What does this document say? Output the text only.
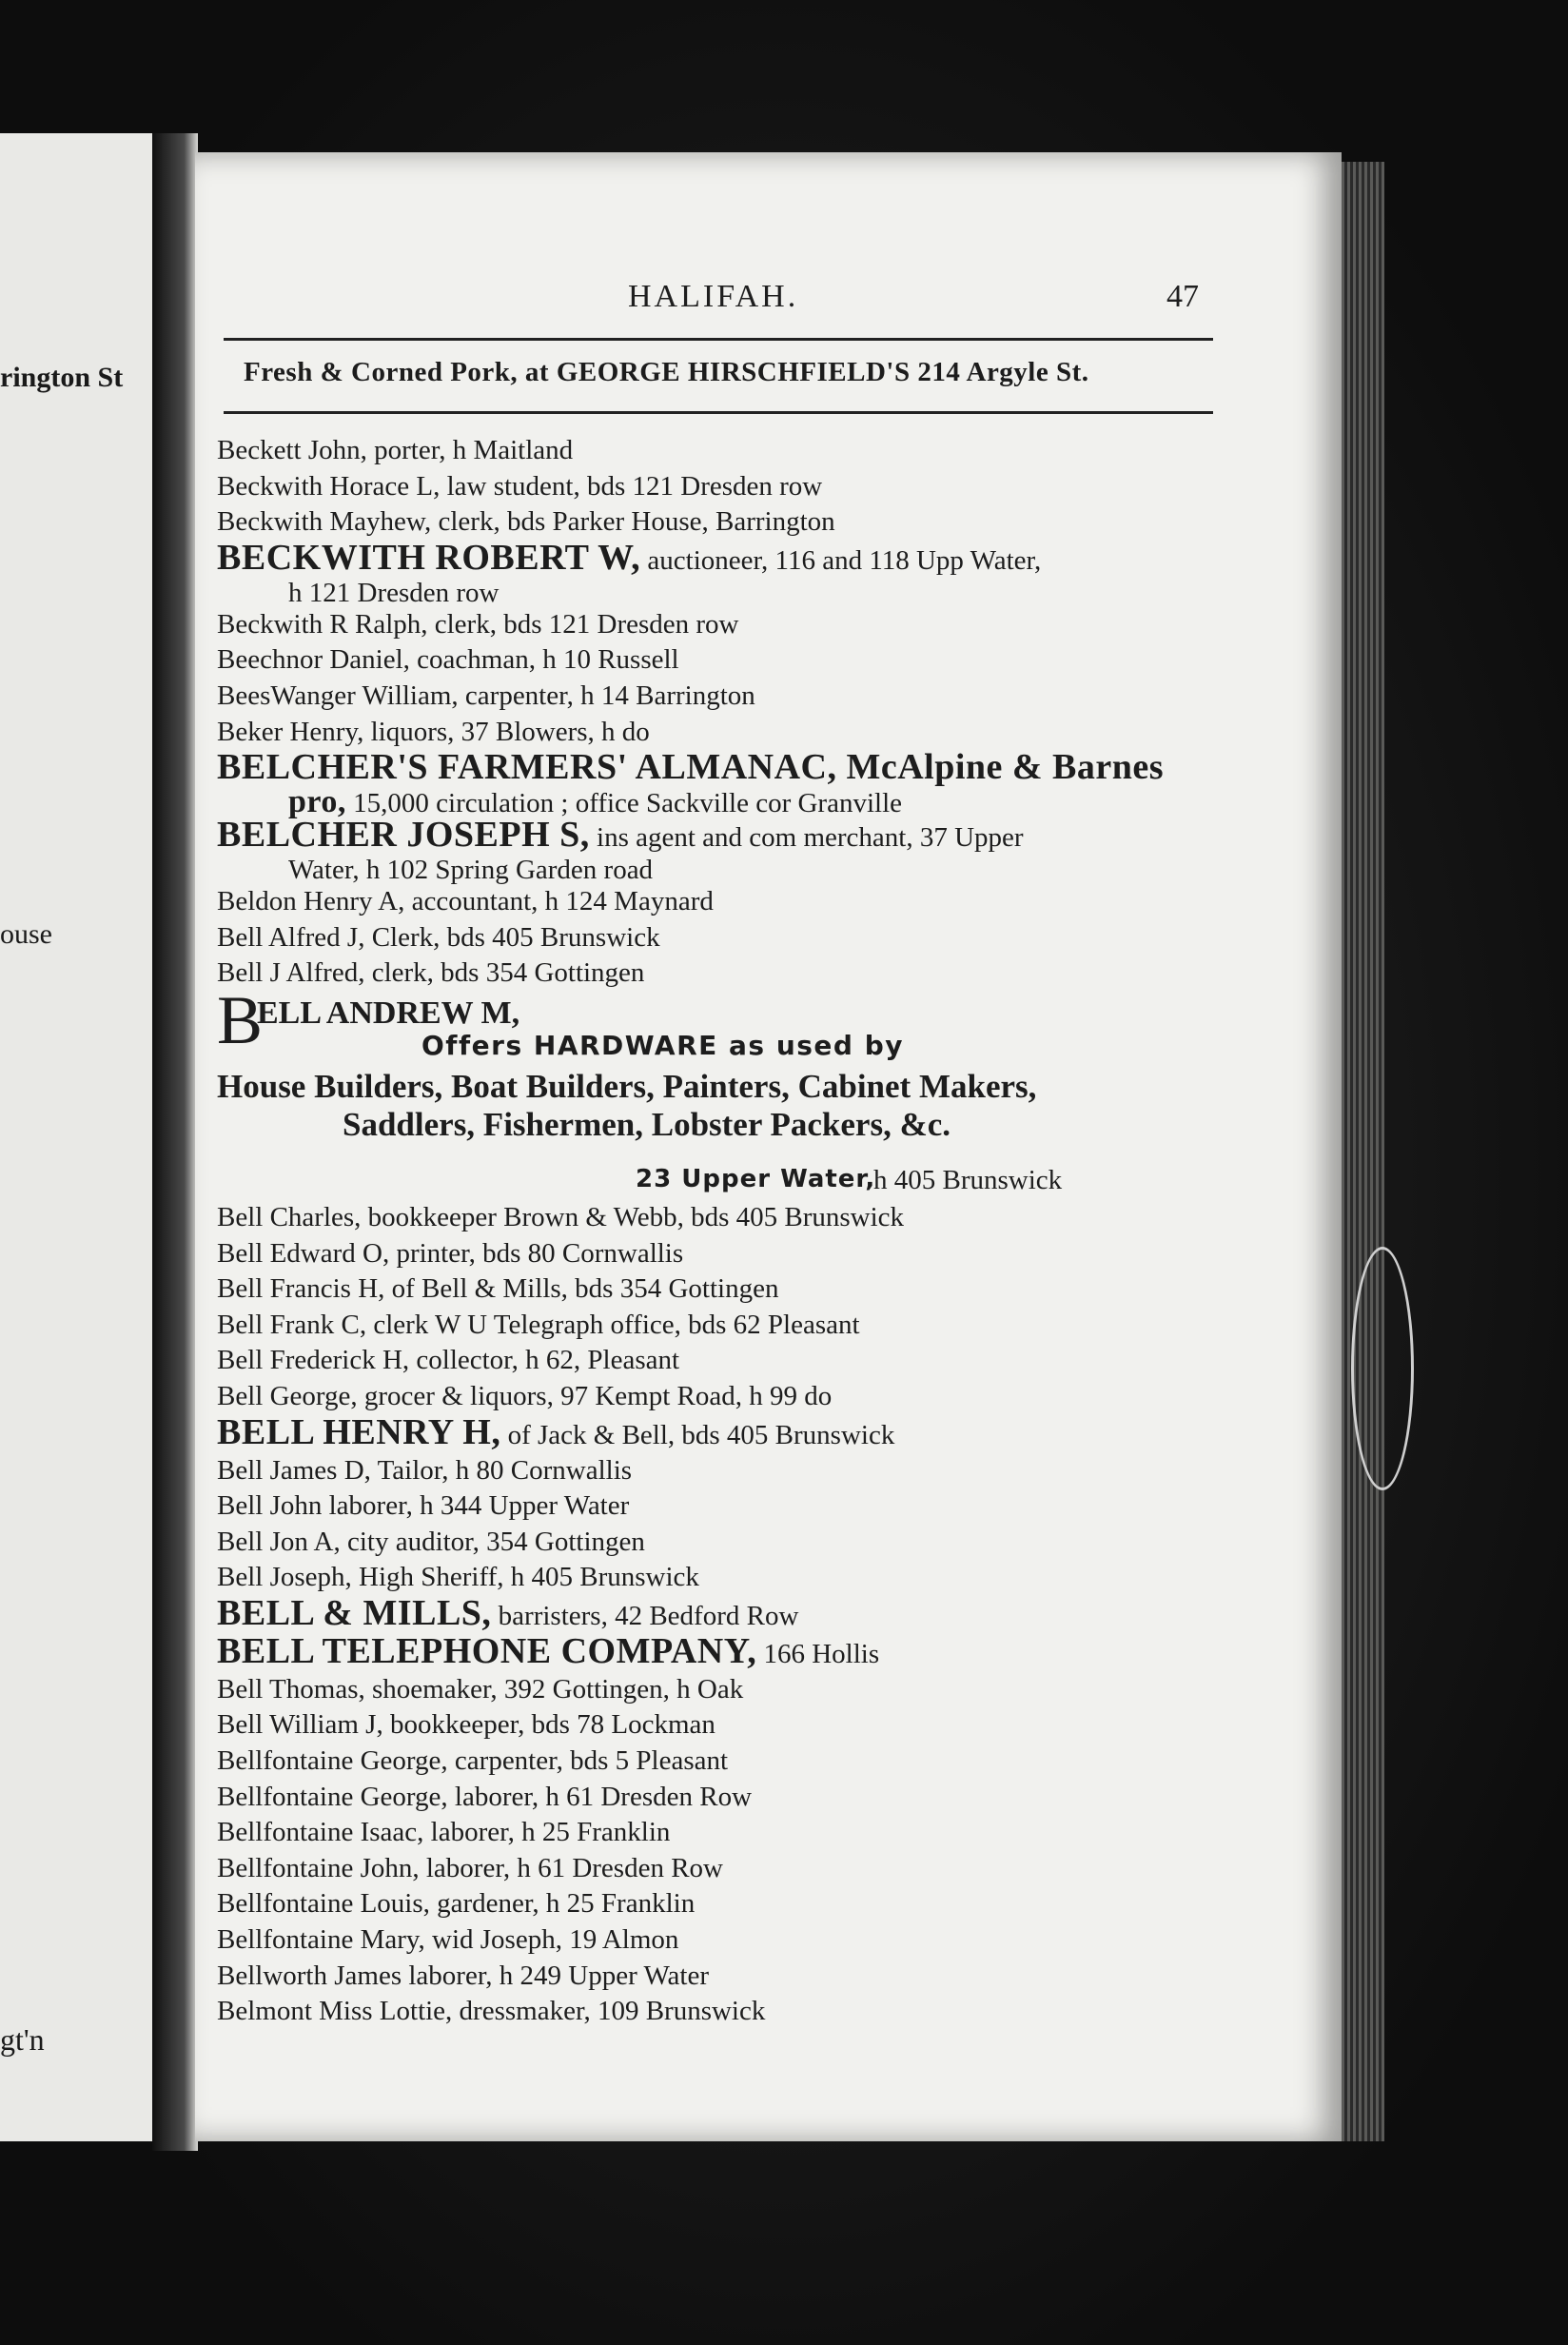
rington St
ouse
gt'n
HALIFAH.	47
Fresh & Corned Pork, at GEORGE HIRSCHFIELD'S 214 Argyle St.
Beckett John, porter, h Maitland
Beckwith Horace L, law student, bds 121 Dresden row
Beckwith Mayhew, clerk, bds Parker House, Barrington
BECKWITH ROBERT W, auctioneer, 116 and 118 Upp Water,
h 121 Dresden row
Beckwith R Ralph, clerk, bds 121 Dresden row
Beechnor Daniel, coachman, h 10 Russell
BeesWanger William, carpenter, h 14 Barrington
Beker Henry, liquors, 37 Blowers, h do
BELCHER'S FARMERS' ALMANAC, McAlpine & Barnes
pro, 15,000 circulation ; office Sackville cor Granville
BELCHER JOSEPH S, ins agent and com merchant, 37 Upper
Water, h 102 Spring Garden road
Beldon Henry A, accountant, h 124 Maynard
Bell Alfred J, Clerk, bds 405 Brunswick
Bell J Alfred, clerk, bds 354 Gottingen
B
ELL ANDREW M,
Offers HARDWARE as used by
House Builders, Boat Builders, Painters, Cabinet Makers,
Saddlers, Fishermen, Lobster Packers, &c.
23 Upper Water,
h 405 Brunswick
Bell Charles, bookkeeper Brown & Webb, bds 405 Brunswick
Bell Edward O, printer, bds 80 Cornwallis
Bell Francis H, of Bell & Mills, bds 354 Gottingen
Bell Frank C, clerk W U Telegraph office, bds 62 Pleasant
Bell Frederick H, collector, h 62, Pleasant
Bell George, grocer & liquors, 97 Kempt Road, h 99 do
BELL HENRY H, of Jack & Bell, bds 405 Brunswick
Bell James D, Tailor, h 80 Cornwallis
Bell John laborer, h 344 Upper Water
Bell Jon A, city auditor, 354 Gottingen
Bell Joseph, High Sheriff, h 405 Brunswick
BELL & MILLS, barristers, 42 Bedford Row
BELL TELEPHONE COMPANY, 166 Hollis
Bell Thomas, shoemaker, 392 Gottingen, h Oak
Bell William J, bookkeeper, bds 78 Lockman
Bellfontaine George, carpenter, bds 5 Pleasant
Bellfontaine George, laborer, h 61 Dresden Row
Bellfontaine Isaac, laborer, h 25 Franklin
Bellfontaine John, laborer, h 61 Dresden Row
Bellfontaine Louis, gardener, h 25 Franklin
Bellfontaine Mary, wid Joseph, 19 Almon
Bellworth James laborer, h 249 Upper Water
Belmont Miss Lottie, dressmaker, 109 Brunswick
